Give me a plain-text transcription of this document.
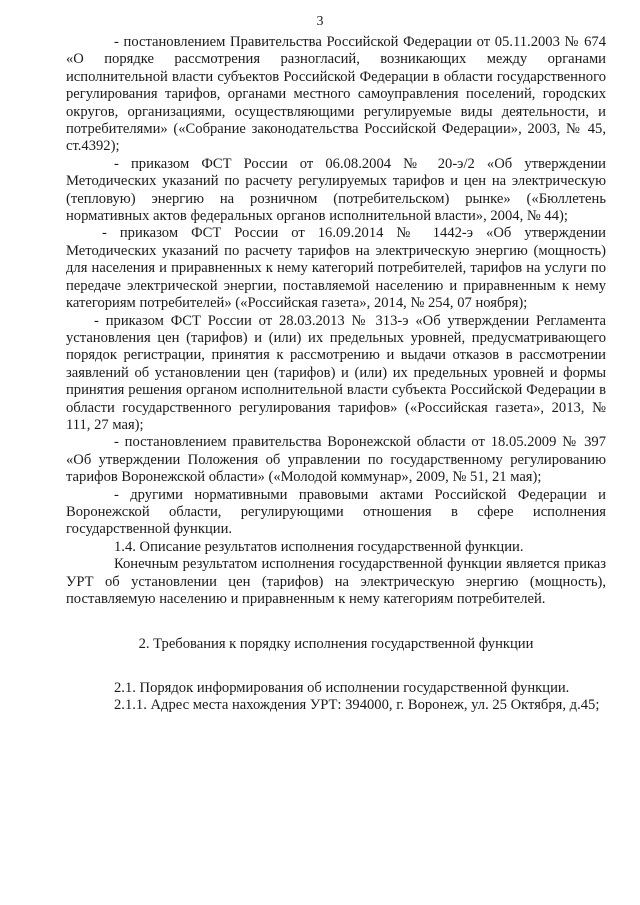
3

- постановлением Правительства Российской Федерации от 05.11.2003 № 674 «О порядке рассмотрения разногласий, возникающих между органами исполнительной власти субъектов Российской Федерации в области государственного регулирования тарифов, органами местного самоуправления поселений, городских округов, организациями, осуществляющими регулируемые виды деятельности, и потребителями» («Собрание законодательства Российской Федерации», 2003, № 45, ст.4392);

- приказом ФСТ России от 06.08.2004 № 20-э/2 «Об утверждении Методических указаний по расчету регулируемых тарифов и цен на электрическую (тепловую) энергию на розничном (потребительском) рынке» («Бюллетень нормативных актов федеральных органов исполнительной власти», 2004, № 44);

- приказом ФСТ России от 16.09.2014 № 1442-э «Об утверждении Методических указаний по расчету тарифов на электрическую энергию (мощность) для населения и приравненных к нему категорий потребителей, тарифов на услуги по передаче электрической энергии, поставляемой населению и приравненным к нему категориям потребителей» («Российская газета», 2014, № 254, 07 ноября);

- приказом ФСТ России от 28.03.2013 № 313-э «Об утверждении Регламента установления цен (тарифов) и (или) их предельных уровней, предусматривающего порядок регистрации, принятия к рассмотрению и выдачи отказов в рассмотрении заявлений об установлении цен (тарифов) и (или) их предельных уровней и формы принятия решения органом исполнительной власти субъекта Российской Федерации в области государственного регулирования тарифов» («Российская газета», 2013, № 111, 27 мая);

- постановлением правительства Воронежской области от 18.05.2009 № 397 «Об утверждении Положения об управлении по государственному регулированию тарифов Воронежской области» («Молодой коммунар», 2009, № 51, 21 мая);

- другими нормативными правовыми актами Российской Федерации и Воронежской области, регулирующими отношения в сфере исполнения государственной функции.

1.4. Описание результатов исполнения государственной функции.

Конечным результатом исполнения государственной функции является приказ УРТ об установлении цен (тарифов) на электрическую энергию (мощность), поставляемую населению и приравненным к нему категориям потребителей.

2. Требования к порядку исполнения государственной функции

2.1. Порядок информирования об исполнении государственной функции.

2.1.1. Адрес места нахождения УРТ: 394000, г. Воронеж, ул. 25 Октября, д.45;
